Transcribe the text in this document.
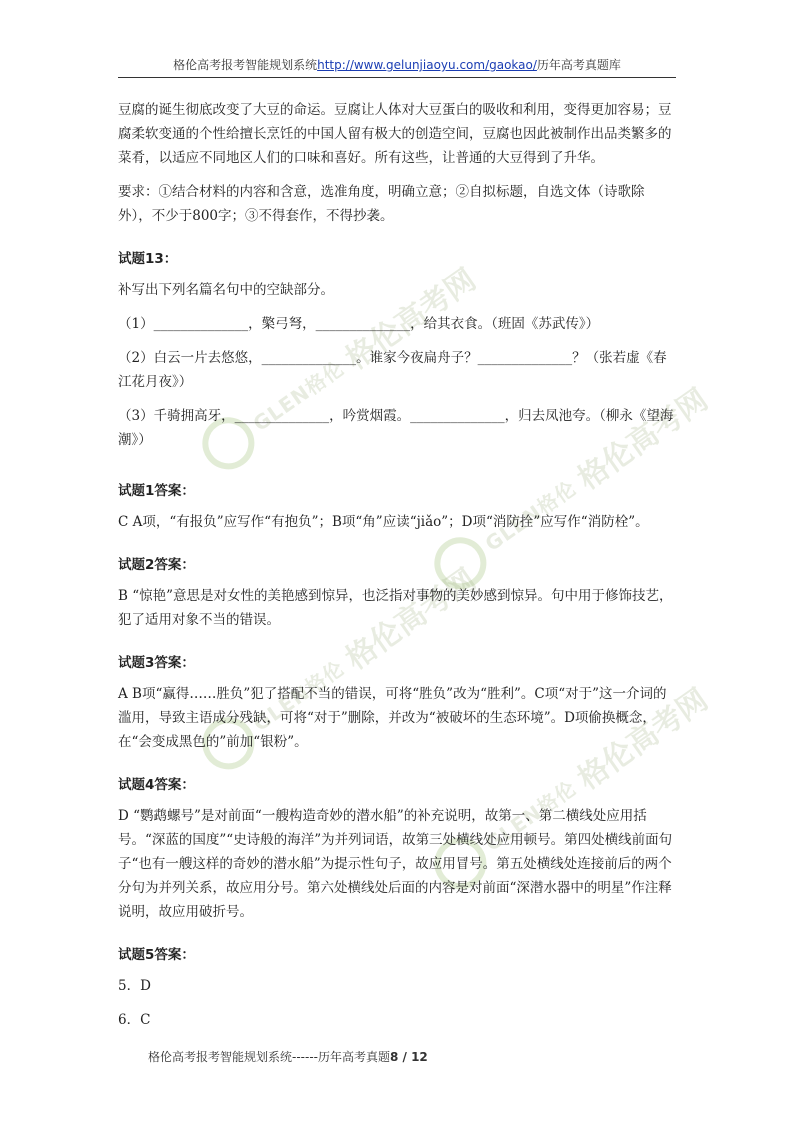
格伦高考报考智能规划系统http://www.gelunjiaoyu.com/gaokao/历年高考真题库
GLEN格伦格伦高考网
GLEN格伦格伦高考网
GLEN格伦格伦高考网
GLEN格伦格伦高考网

豆腐的诞生彻底改变了大豆的命运。豆腐让人体对大豆蛋白的吸收和利用，变得更加容易；豆腐柔软变通的个性给擅长烹饪的中国人留有极大的创造空间，豆腐也因此被制作出品类繁多的菜肴，以适应不同地区人们的口味和喜好。所有这些，让普通的大豆得到了升华。

要求：①结合材料的内容和含意，选准角度，明确立意；②自拟标题，自选文体（诗歌除外），不少于800字；③不得套作，不得抄袭。

试题13：

补写出下列名篇名句中的空缺部分。

（1）______________，檠弓弩，______________，给其衣食。（班固《苏武传》）

（2）白云一片去悠悠，______________。谁家今夜扁舟子？______________？（张若虚《春江花月夜》）

（3）千骑拥高牙，______________，吟赏烟霞。______________，归去凤池夸。（柳永《望海潮》）

试题1答案：

C A项，“有报负”应写作“有抱负”；B项“角”应读“jiǎo”；D项“消防拴”应写作“消防栓”。

试题2答案：

B “惊艳”意思是对女性的美艳感到惊异，也泛指对事物的美妙感到惊异。句中用于修饰技艺，犯了适用对象不当的错误。

试题3答案：

A B项“赢得……胜负”犯了搭配不当的错误，可将“胜负”改为“胜利”。C项“对于”这一介词的滥用，导致主语成分残缺，可将“对于”删除，并改为“被破坏的生态环境”。D项偷换概念，在“会变成黑色的”前加“银粉”。

试题4答案：

D “鹦鹉螺号”是对前面“一艘构造奇妙的潜水船”的补充说明，故第一、第二横线处应用括号。“深蓝的国度”“史诗般的海洋”为并列词语，故第三处横线处应用顿号。第四处横线前面句子“也有一艘这样的奇妙的潜水船”为提示性句子，故应用冒号。第五处横线处连接前后的两个分句为并列关系，故应用分号。第六处横线处后面的内容是对前面“深潜水器中的明星”作注释说明，故应用破折号。

试题5答案：

5．D

6．C

格伦高考报考智能规划系统------历年高考真题8 / 12
